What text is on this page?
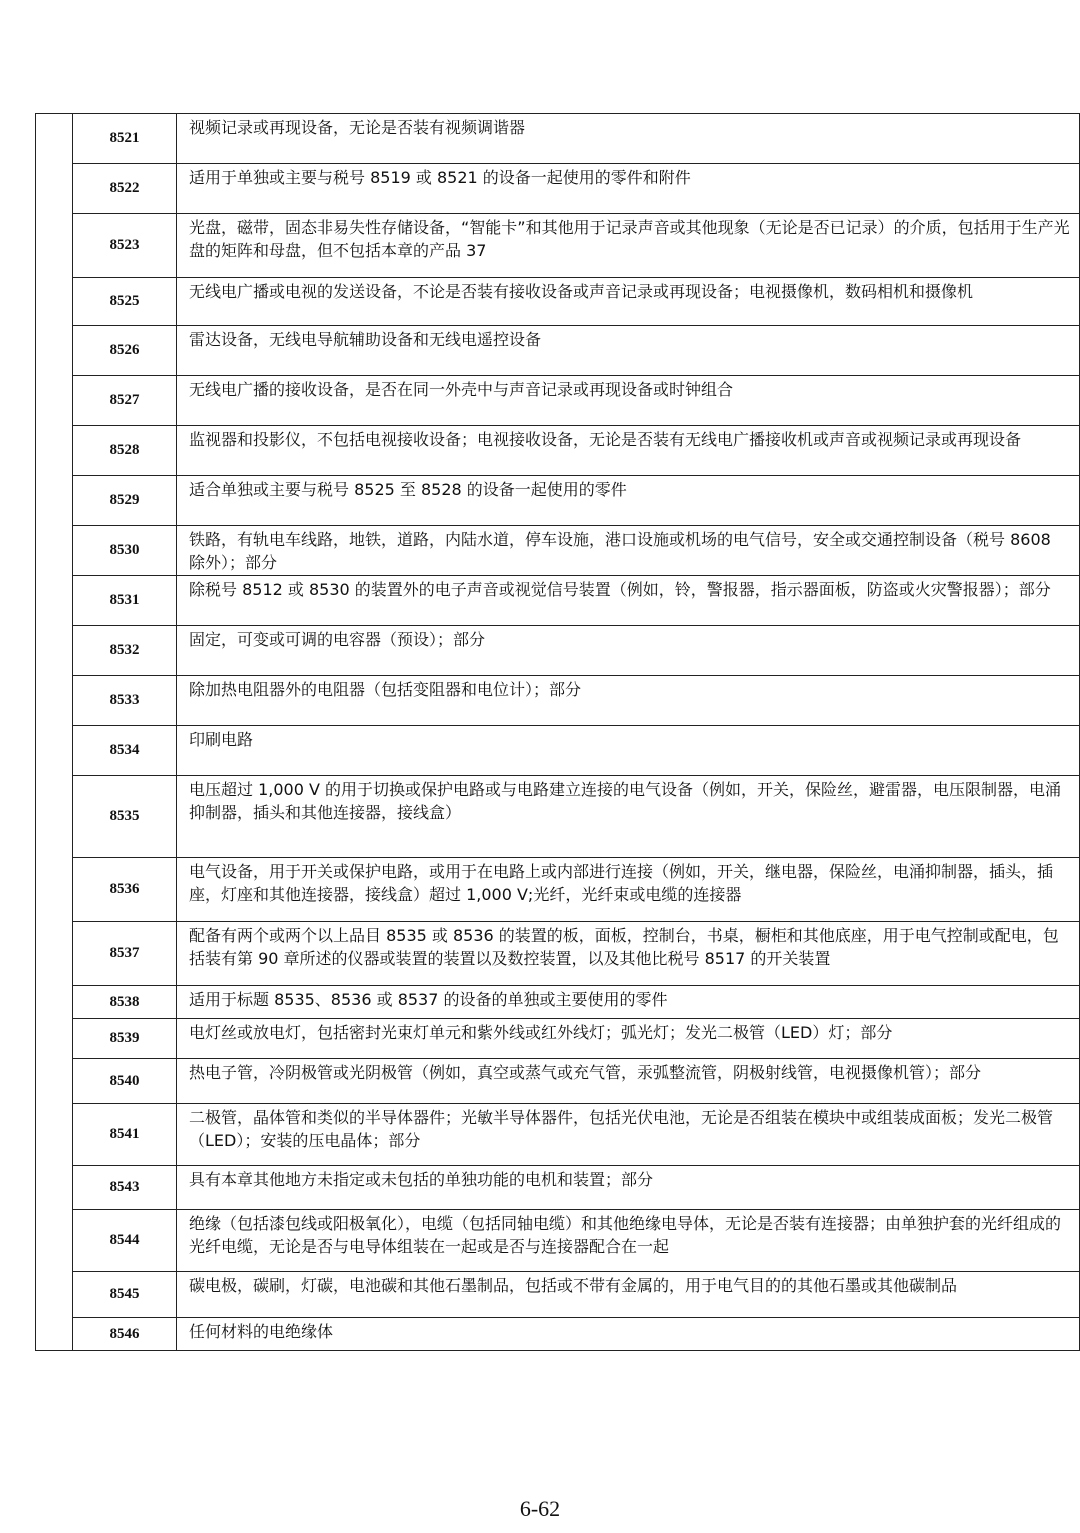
	8521	视频记录或再现设备，无论是否装有视频调谐器

	8522	适用于单独或主要与税号 8519 或 8521 的设备一起使用的零件和附件

	8523	光盘，磁带，固态非易失性存储设备，“智能卡”和其他用于记录声音或其他现象（无论是否已记录）的介质，包括用于生产光盘的矩阵和母盘，但不包括本章的产品 37

	8525	无线电广播或电视的发送设备，不论是否装有接收设备或声音记录或再现设备；电视摄像机，数码相机和摄像机

	8526	雷达设备，无线电导航辅助设备和无线电遥控设备

	8527	无线电广播的接收设备，是否在同一外壳中与声音记录或再现设备或时钟组合

	8528	监视器和投影仪，不包括电视接收设备；电视接收设备，无论是否装有无线电广播接收机或声音或视频记录或再现设备

	8529	适合单独或主要与税号 8525 至 8528 的设备一起使用的零件

	8530	铁路，有轨电车线路，地铁，道路，内陆水道，停车设施，港口设施或机场的电气信号，安全或交通控制设备（税号 8608 除外）；部分

	8531	除税号 8512 或 8530 的装置外的电子声音或视觉信号装置（例如，铃，警报器，指示器面板，防盗或火灾警报器）；部分

	8532	固定，可变或可调的电容器（预设）；部分

	8533	除加热电阻器外的电阻器（包括变阻器和电位计）；部分

	8534	印刷电路

	8535	电压超过 1,000 V 的用于切换或保护电路或与电路建立连接的电气设备（例如，开关，保险丝，避雷器，电压限制器，电涌抑制器，插头和其他连接器，接线盒）

	8536	电气设备，用于开关或保护电路，或用于在电路上或内部进行连接（例如，开关，继电器，保险丝，电涌抑制器，插头，插座，灯座和其他连接器，接线盒）超过 1,000 V;光纤，光纤束或电缆的连接器

	8537	配备有两个或两个以上品目 8535 或 8536 的装置的板，面板，控制台，书桌，橱柜和其他底座，用于电气控制或配电，包括装有第 90 章所述的仪器或装置的装置以及数控装置，以及其他比税号 8517 的开关装置

	8538	适用于标题 8535、8536 或 8537 的设备的单独或主要使用的零件

	8539	电灯丝或放电灯，包括密封光束灯单元和紫外线或红外线灯；弧光灯；发光二极管（LED）灯；部分

	8540	热电子管，冷阴极管或光阴极管（例如，真空或蒸气或充气管，汞弧整流管，阴极射线管，电视摄像机管）；部分

	8541	二极管，晶体管和类似的半导体器件；光敏半导体器件，包括光伏电池，无论是否组装在模块中或组装成面板；发光二极管（LED）；安装的压电晶体；部分

	8543	具有本章其他地方未指定或未包括的单独功能的电机和装置；部分

	8544	绝缘（包括漆包线或阳极氧化），电缆（包括同轴电缆）和其他绝缘电导体，无论是否装有连接器；由单独护套的光纤组成的光纤电缆，无论是否与电导体组装在一起或是否与连接器配合在一起

	8545	碳电极，碳刷，灯碳，电池碳和其他石墨制品，包括或不带有金属的，用于电气目的的其他石墨或其他碳制品

	8546	任何材料的电绝缘体
6-62
